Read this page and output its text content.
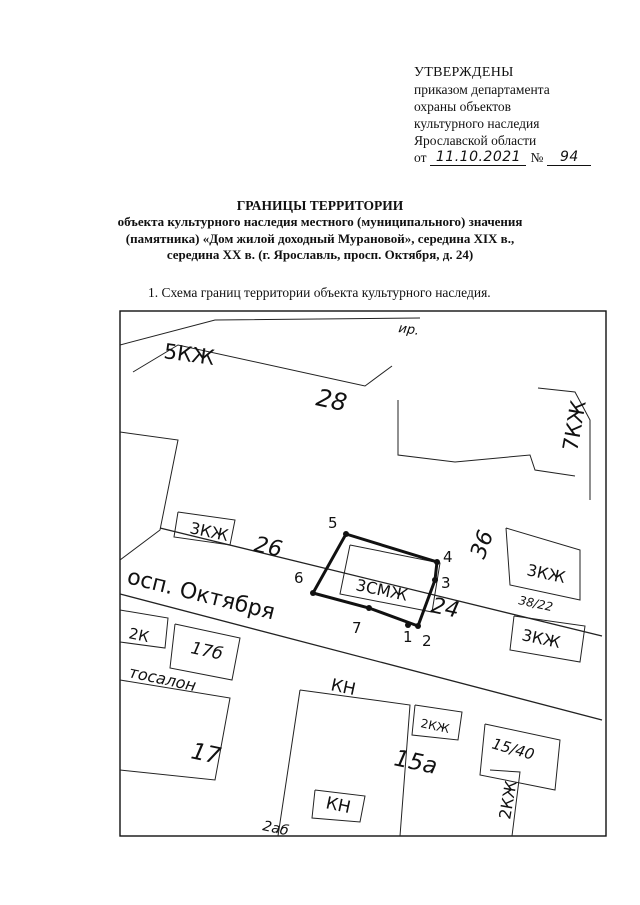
УТВЕРЖДЕНЫ
приказом департамента
охраны объектов
культурного наследия
Ярославской области
от 11.10.2021 №	94
ГРАНИЦЫ ТЕРРИТОРИИ
объекта культурного наследия местного (муниципального) значения (памятника) «Дом жилой доходный Мурановой», середина XIX в., середина XX в. (г. Ярославль, просп. Октября, д. 24)
1. Схема границ территории объекта культурного наследия.
1 2
3
4
5
6
7
ир.
5КЖ
28	7КЖ
3КЖ
26	36
3КЖ
38/22
3КЖ
3СМЖ
24
осп. Октября
2К
17б
тосалон	КН
2КЖ
15/40
17	15а
2КЖ
КН
2аб
